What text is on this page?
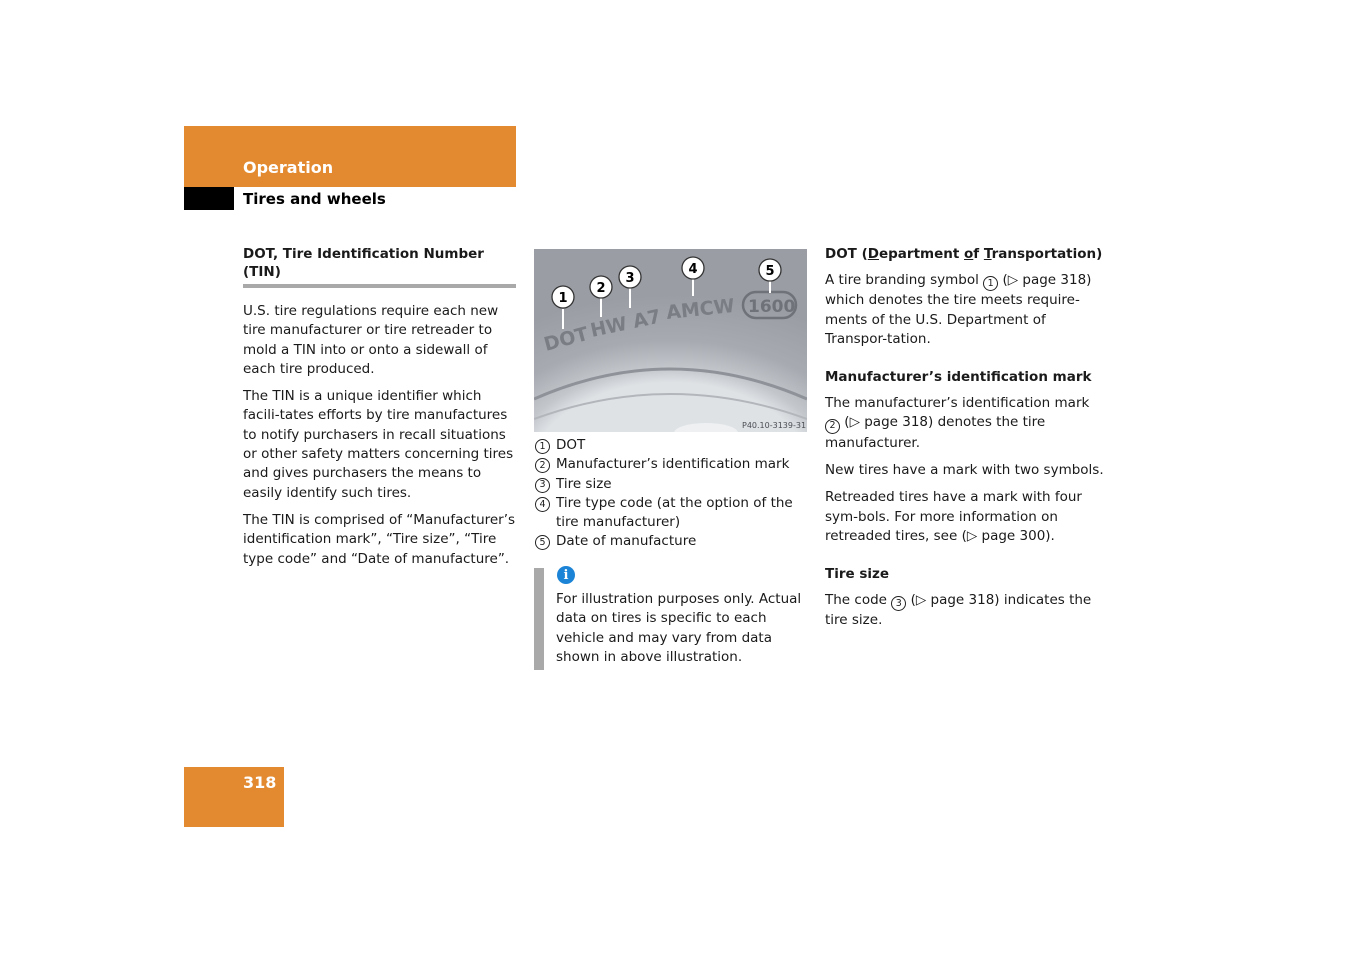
Operation
Tires and wheels
DOT, Tire Identification Number (TIN)

U.S. tire regulations require each new tire manufacturer or tire retreader to mold a TIN into or onto a sidewall of each tire produced.

The TIN is a unique identifier which facili-tates efforts by tire manufactures to notify purchasers in recall situations or other safety matters concerning tires and gives purchasers the means to easily identify such tires.

The TIN is comprised of “Manufacturer’s identification mark”, “Tire size”, “Tire type code” and “Date of manufacture”.

DOT
HW A7 AMCW 1600
1
2
3
4	5
P40.10-3139-31
1 DOT
2 Manufacturer’s identification mark
3 Tire size
4 Tire type code (at the option of the tire manufacturer)
5 Date of manufacture
i

For illustration purposes only. Actual data on tires is specific to each vehicle and may vary from data shown in above illustration.

DOT (Department of Transportation)

A tire branding symbol 1 (▷ page 318) which denotes the tire meets require-ments of the U.S. Department of Transpor-tation.

Manufacturer’s identification mark

The manufacturer’s identification mark 2 (▷ page 318) denotes the tire manufacturer.

New tires have a mark with two symbols.

Retreaded tires have a mark with four sym-bols. For more information on retreaded tires, see (▷ page 300).

Tire size

The code 3 (▷ page 318) indicates the tire size.

318
